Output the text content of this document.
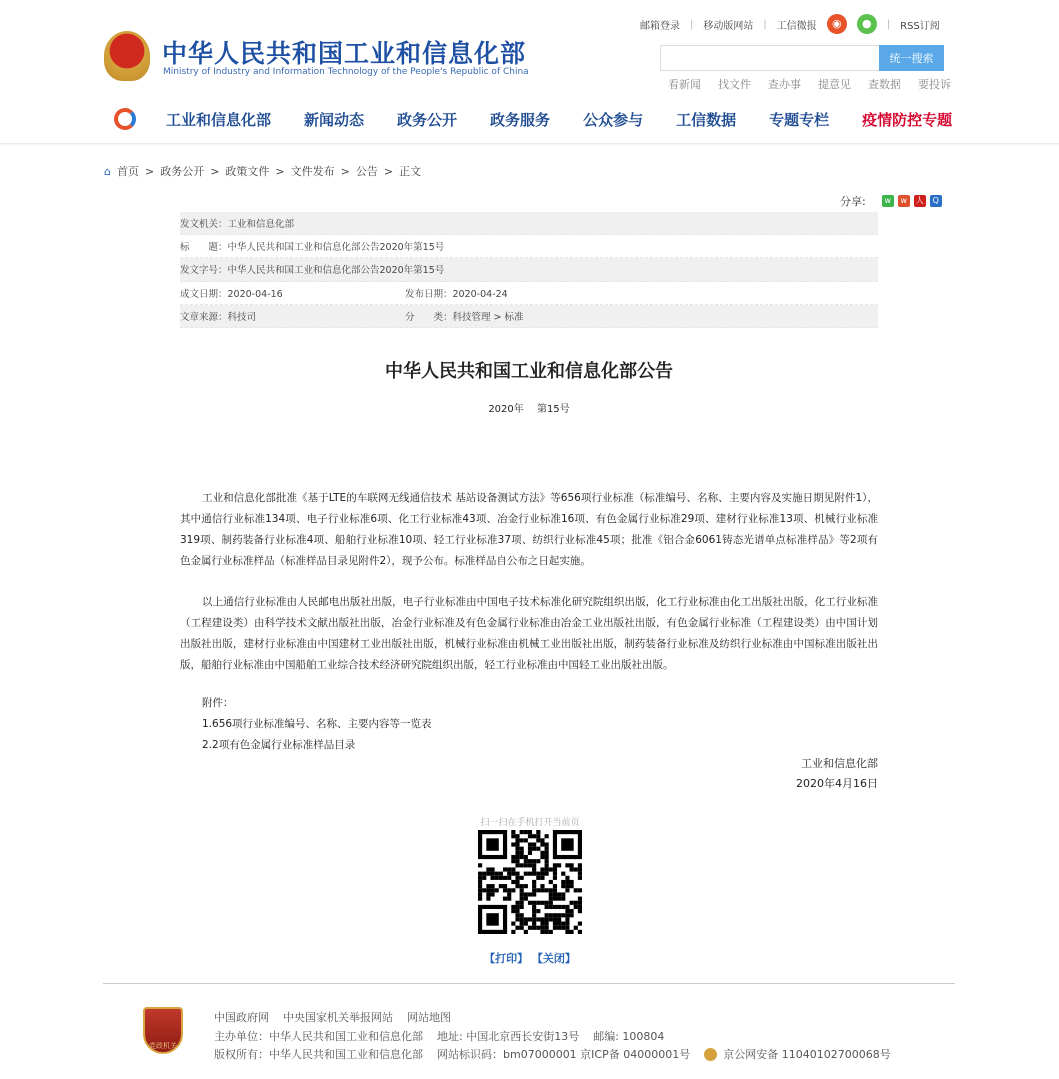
邮箱登录 | 移动版网站 | 工信微报	◉	●	| RSS订阅
中华人民共和国工业和信息化部
Ministry of Industry and Information Technology of the People's Republic of China
统一搜索
看新闻 找文件 查办事 提意见 查数据 要投诉
工业和信息化部 新闻动态 政务公开 政务服务 公众参与 工信数据 专题专栏 疫情防控专题
⌂ 首页 > 政务公开 > 政策文件 > 文件发布 > 公告 > 正文
分享:	w	w	人	Q
发文机关：工业和信息化部
标　　题：中华人民共和国工业和信息化部公告2020年第15号
发文字号：中华人民共和国工业和信息化部公告2020年第15号
成文日期：2020-04-16	发布日期：2020-04-24
文章来源：科技司	分　　类：科技管理 > 标准
中华人民共和国工业和信息化部公告
2020年　 第15号

工业和信息化部批准《基于LTE的车联网无线通信技术 基站设备测试方法》等656项行业标准（标准编号、名称、主要内容及实施日期见附件1），其中通信行业标准134项、电子行业标准6项、化工行业标准43项、冶金行业标准16项、有色金属行业标准29项、建材行业标准13项、机械行业标准319项、制药装备行业标准4项、船舶行业标准10项、轻工行业标准37项、纺织行业标准45项；批准《铝合金6061铸态光谱单点标准样品》等2项有色金属行业标准样品（标准样品目录见附件2），现予公布。标准样品自公布之日起实施。

以上通信行业标准由人民邮电出版社出版，电子行业标准由中国电子技术标准化研究院组织出版，化工行业标准由化工出版社出版，化工行业标准（工程建设类）由科学技术文献出版社出版，冶金行业标准及有色金属行业标准由冶金工业出版社出版，有色金属行业标准（工程建设类）由中国计划出版社出版，建材行业标准由中国建材工业出版社出版，机械行业标准由机械工业出版社出版，制药装备行业标准及纺织行业标准由中国标准出版社出版，船舶行业标准由中国船舶工业综合技术经济研究院组织出版，轻工行业标准由中国轻工业出版社出版。

附件：
1.656项行业标准编号、名称、主要内容等一览表
2.2项有色金属行业标准样品目录
工业和信息化部
2020年4月16日
扫一扫在手机打开当前页
【打印】 【关闭】
党政机关
中国政府网 中央国家机关举报网站 网站地图
主办单位：中华人民共和国工业和信息化部 地址: 中国北京西长安街13号 邮编: 100804
版权所有：中华人民共和国工业和信息化部 网站标识码：bm07000001 京ICP备 04000001号	京公网安备 11040102700068号
